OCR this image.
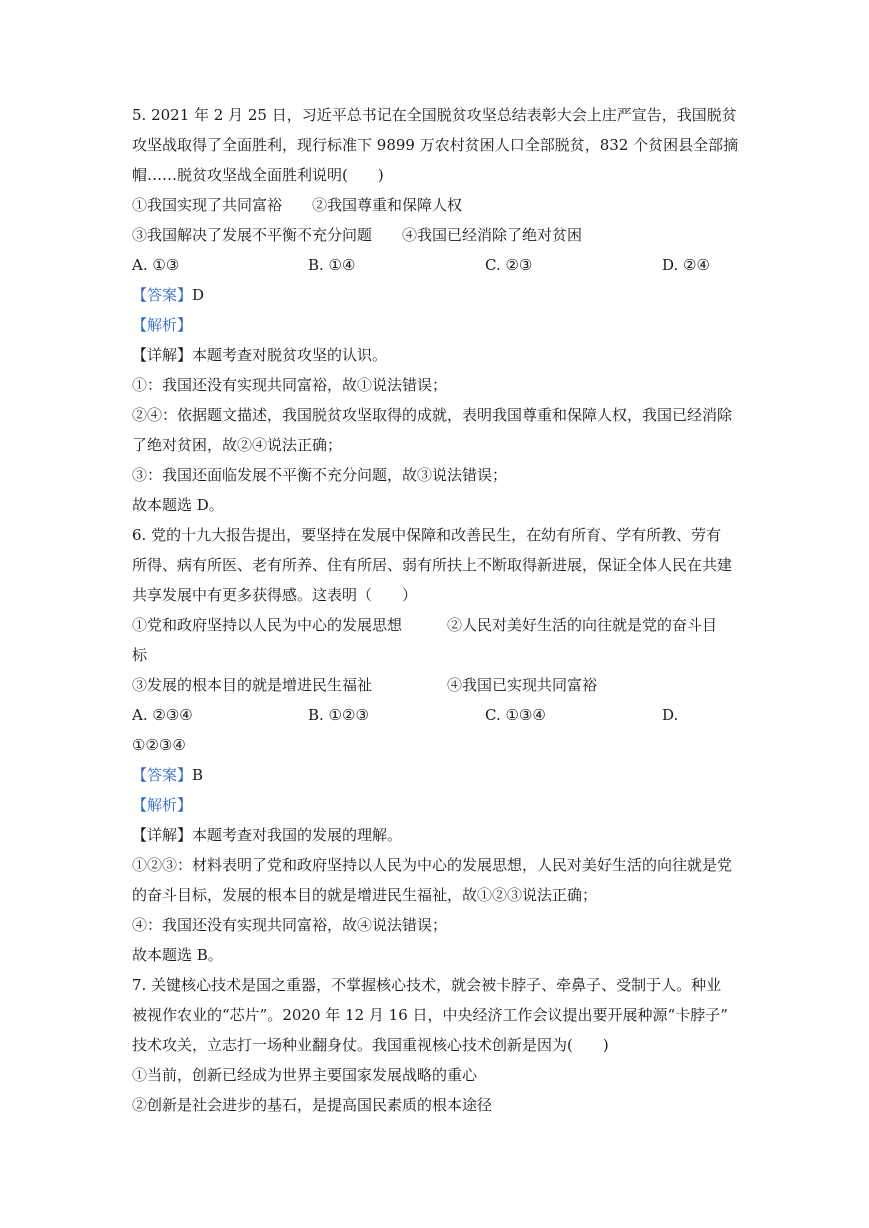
5. 2021 年 2 月 25 日，习近平总书记在全国脱贫攻坚总结表彰大会上庄严宣告，我国脱贫
攻坚战取得了全面胜利，现行标准下 9899 万农村贫困人口全部脱贫，832 个贫困县全部摘
帽……脱贫攻坚战全面胜利说明(　　)
①我国实现了共同富裕　　②我国尊重和保障人权
③我国解决了发展不平衡不充分问题　　④我国已经消除了绝对贫困
A. ①③	B. ①④	C. ②③	D. ②④
【答案】D
【解析】
【详解】本题考查对脱贫攻坚的认识。
①：我国还没有实现共同富裕，故①说法错误；
②④：依据题文描述，我国脱贫攻坚取得的成就，表明我国尊重和保障人权，我国已经消除
了绝对贫困，故②④说法正确；
③：我国还面临发展不平衡不充分问题，故③说法错误；
故本题选 D。
6. 党的十九大报告提出，要坚持在发展中保障和改善民生，在幼有所育、学有所教、劳有
所得、病有所医、老有所养、住有所居、弱有所扶上不断取得新进展，保证全体人民在共建
共享发展中有更多获得感。这表明（　　）
①党和政府坚持以人民为中心的发展思想　　　②人民对美好生活的向往就是党的奋斗目
标
③发展的根本目的就是增进民生福祉　　　　　④我国已实现共同富裕
A. ②③④	B. ①②③	C. ①③④	D.
①②③④
【答案】B
【解析】
【详解】本题考查对我国的发展的理解。
①②③：材料表明了党和政府坚持以人民为中心的发展思想，人民对美好生活的向往就是党
的奋斗目标，发展的根本目的就是增进民生福祉，故①②③说法正确；
④：我国还没有实现共同富裕，故④说法错误；
故本题选 B。
7. 关键核心技术是国之重器，不掌握核心技术，就会被卡脖子、牵鼻子、受制于人。种业
被视作农业的“芯片”。2020 年 12 月 16 日，中央经济工作会议提出要开展种源“卡脖子”
技术攻关，立志打一场种业翻身仗。我国重视核心技术创新是因为(　　)
①当前，创新已经成为世界主要国家发展战略的重心
②创新是社会进步的基石，是提高国民素质的根本途径
